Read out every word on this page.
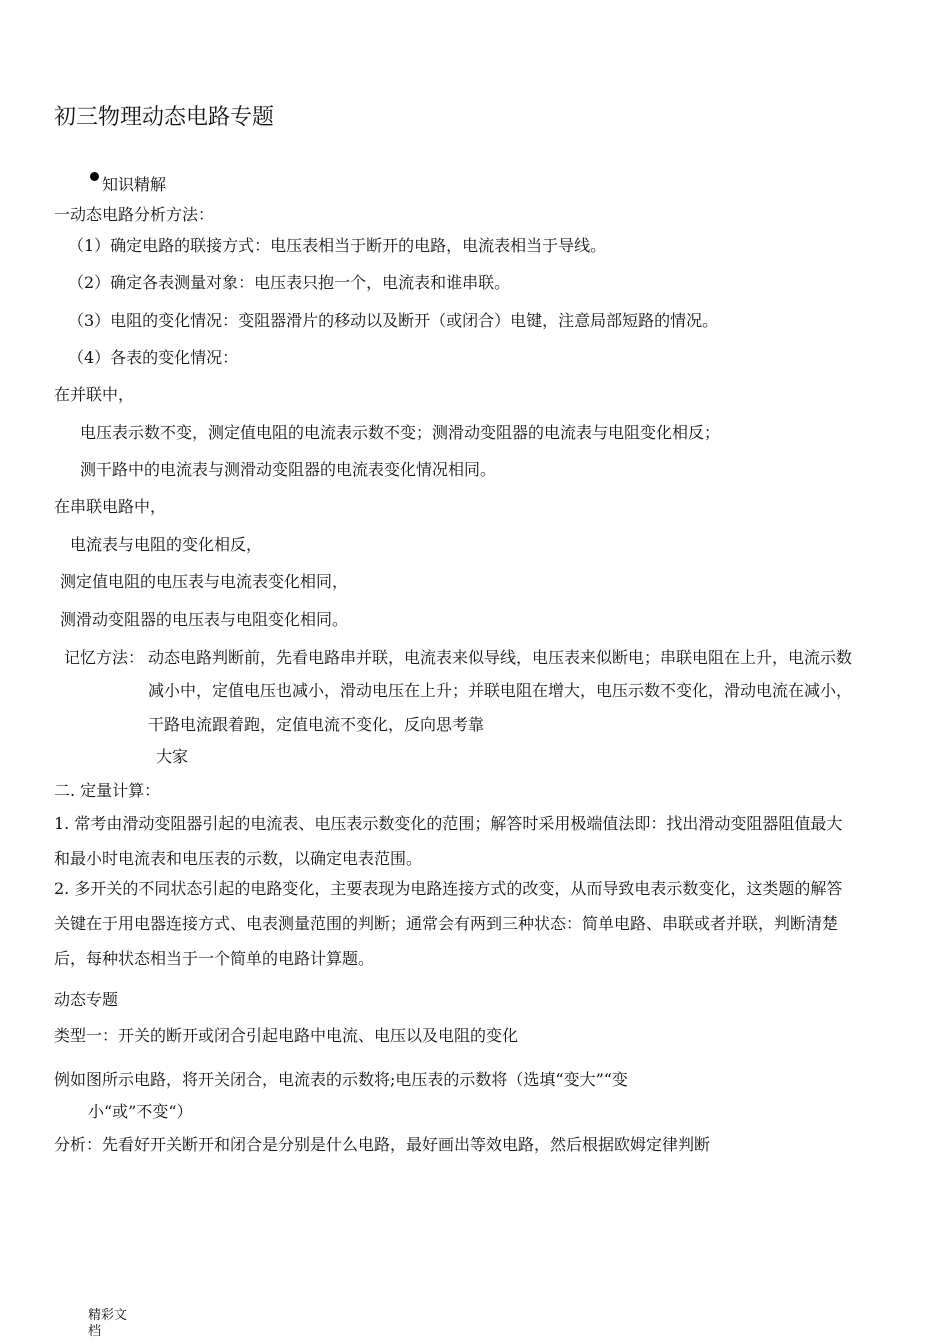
初三物理动态电路专题
知识精解
一动态电路分析方法：
（1）确定电路的联接方式：电压表相当于断开的电路，电流表相当于导线。
（2）确定各表测量对象：电压表只抱一个，电流表和谁串联。
（3）电阻的变化情况：变阻器滑片的移动以及断开（或闭合）电键，注意局部短路的情况。
（4）各表的变化情况：
在并联中，
电压表示数不变，测定值电阻的电流表示数不变；测滑动变阻器的电流表与电阻变化相反；
测干路中的电流表与测滑动变阻器的电流表变化情况相同。
在串联电路中，
电流表与电阻的变化相反，
测定值电阻的电压表与电流表变化相同，
测滑动变阻器的电压表与电阻变化相同。
记忆方法： 动态电路判断前，先看电路串并联，电流表来似导线，电压表来似断电；串联电阻在上升，电流示数
减小中，定值电压也减小，滑动电压在上升；并联电阻在增大，电压示数不变化，滑动电流在减小，
干路电流跟着跑，定值电流不变化，反向思考靠
大家
二. 定量计算：
1. 常考由滑动变阻器引起的电流表、电压表示数变化的范围；解答时采用极端值法即：找出滑动变阻器阻值最大
和最小时电流表和电压表的示数，以确定电表范围。
2. 多开关的不同状态引起的电路变化，主要表现为电路连接方式的改变，从而导致电表示数变化，这类题的解答
关键在于用电器连接方式、电表测量范围的判断；通常会有两到三种状态：简单电路、串联或者并联，判断清楚
后，每种状态相当于一个简单的电路计算题。
动态专题
类型一：开关的断开或闭合引起电路中电流、电压以及电阻的变化
例如图所示电路，将开关闭合，电流表的示数将;电压表的示数将（选填“变大”“变
小“或”不变“）
分析：先看好开关断开和闭合是分别是什么电路，最好画出等效电路，然后根据欧姆定律判断
精彩文
档
